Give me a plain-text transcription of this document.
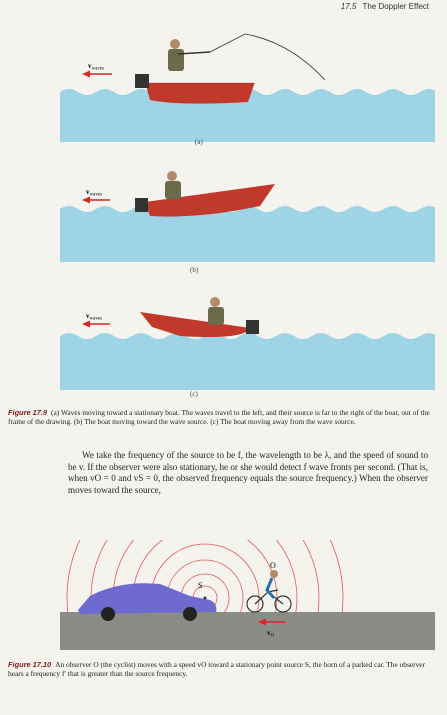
17.5 The Doppler Effect
$v_{waves}$
(a)
$v_{waves}$
(b)
$v_{waves}$
(c)
Figure 17.9 (a) Waves moving toward a stationary boat. The waves travel to the left, and their source is far to the right of the boat, out of the frame of the drawing. (b) The boat moving toward the wave source. (c) The boat moving away from the wave source.
We take the frequency of the source to be f, the wavelength to be λ, and the speed of sound to be v. If the observer were also stationary, he or she would detect f wave fronts per second. (That is, when vO = 0 and vS = 0, the observed frequency equals the source frequency.) When the observer moves toward the source,
S
O
$v_O$
Figure 17.10 An observer O (the cyclist) moves with a speed vO toward a stationary point source S, the horn of a parked car. The observer hears a frequency f′ that is greater than the source frequency.
